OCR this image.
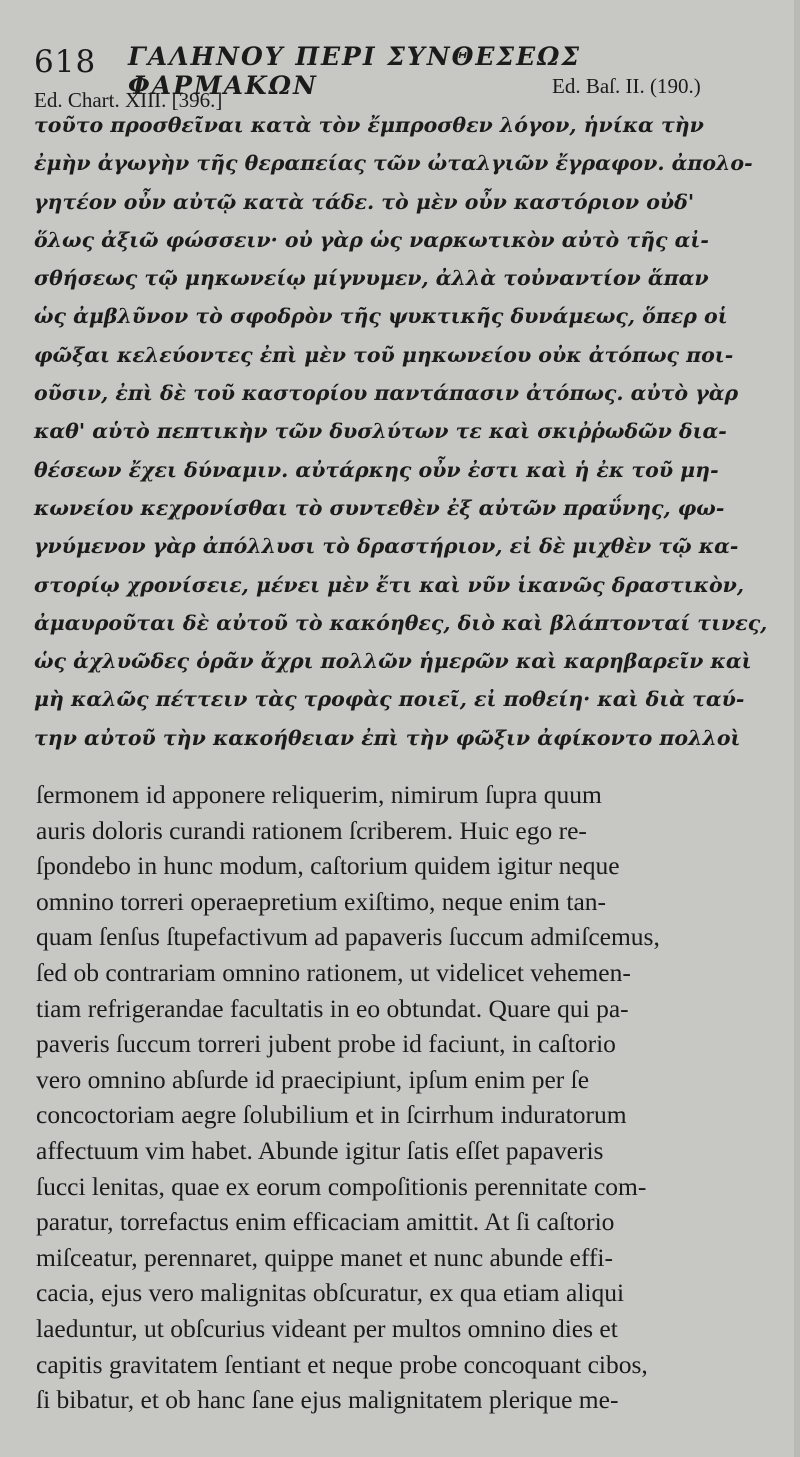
618 ΓΑΛΗΝΟΥ ΠΕΡΙ ΣΥΝΘΕΣΕΩΣ ΦΑΡΜΑΚΩΝ
Ed. Chart. XIII. [396.]
Ed. Baſ. II. (190.)
τοῦτο προσθεῖναι κατὰ τὸν ἔμπροσθεν λόγον, ἡνίκα τὴν
ἐμὴν ἀγωγὴν τῆς θεραπείας τῶν ὠταλγιῶν ἔγραφον. ἀπολο-
γητέον οὖν αὐτῷ κατὰ τάδε. τὸ μὲν οὖν καστόριον οὐδ'
ὅλως ἀξιῶ φώσσειν· οὐ γὰρ ὡς ναρκωτικὸν αὐτὸ τῆς αἰ-
σθήσεως τῷ μηκωνείῳ μίγνυμεν, ἀλλὰ τοὐναντίον ἅπαν
ὡς ἀμβλῦνον τὸ σφοδρὸν τῆς ψυκτικῆς δυνάμεως, ὅπερ οἱ
φῶξαι κελεύοντες ἐπὶ μὲν τοῦ μηκωνείου οὐκ ἀτόπως ποι-
οῦσιν, ἐπὶ δὲ τοῦ καστορίου παντάπασιν ἀτόπως. αὐτὸ γὰρ
καθ' αὑτὸ πεπτικὴν τῶν δυσλύτων τε καὶ σκιῤῥωδῶν δια-
θέσεων ἔχει δύναμιν. αὐτάρκης οὖν ἐστι καὶ ἡ ἐκ τοῦ μη-
κωνείου κεχρονίσθαι τὸ συντεθὲν ἐξ αὐτῶν πραΰνης, φω-
γνύμενον γὰρ ἀπόλλυσι τὸ δραστήριον, εἰ δὲ μιχθὲν τῷ κα-
στορίῳ χρονίσειε, μένει μὲν ἔτι καὶ νῦν ἱκανῶς δραστικὸν,
ἀμαυροῦται δὲ αὐτοῦ τὸ κακόηθες, διὸ καὶ βλάπτονταί τινες,
ὡς ἀχλυῶδες ὁρᾶν ἄχρι πολλῶν ἡμερῶν καὶ καρηβαρεῖν καὶ
μὴ καλῶς πέττειν τὰς τροφὰς ποιεῖ, εἰ ποθείη· καὶ διὰ ταύ-
την αὐτοῦ τὴν κακοήθειαν ἐπὶ τὴν φῶξιν ἀφίκοντο πολλοὶ
ſermonem id apponere reliquerim, nimirum ſupra quum
auris doloris curandi rationem ſcriberem. Huic ego re-
ſpondebo in hunc modum, caſtorium quidem igitur neque
omnino torreri operaepretium exiſtimo, neque enim tan-
quam ſenſus ſtupefactivum ad papaveris ſuccum admiſcemus,
ſed ob contrariam omnino rationem, ut videlicet vehemen-
tiam refrigerandae facultatis in eo obtundat. Quare qui pa-
paveris ſuccum torreri jubent probe id faciunt, in caſtorio
vero omnino abſurde id praecipiunt, ipſum enim per ſe
concoctoriam aegre ſolubilium et in ſcirrhum induratorum
affectuum vim habet. Abunde igitur ſatis eſſet papaveris
ſucci lenitas, quae ex eorum compoſitionis perennitate com-
paratur, torrefactus enim efficaciam amittit. At ſi caſtorio
miſceatur, perennaret, quippe manet et nunc abunde effi-
cacia, ejus vero malignitas obſcuratur, ex qua etiam aliqui
laeduntur, ut obſcurius videant per multos omnino dies et
capitis gravitatem ſentiant et neque probe concoquant cibos,
ſi bibatur, et ob hanc ſane ejus malignitatem plerique me-
